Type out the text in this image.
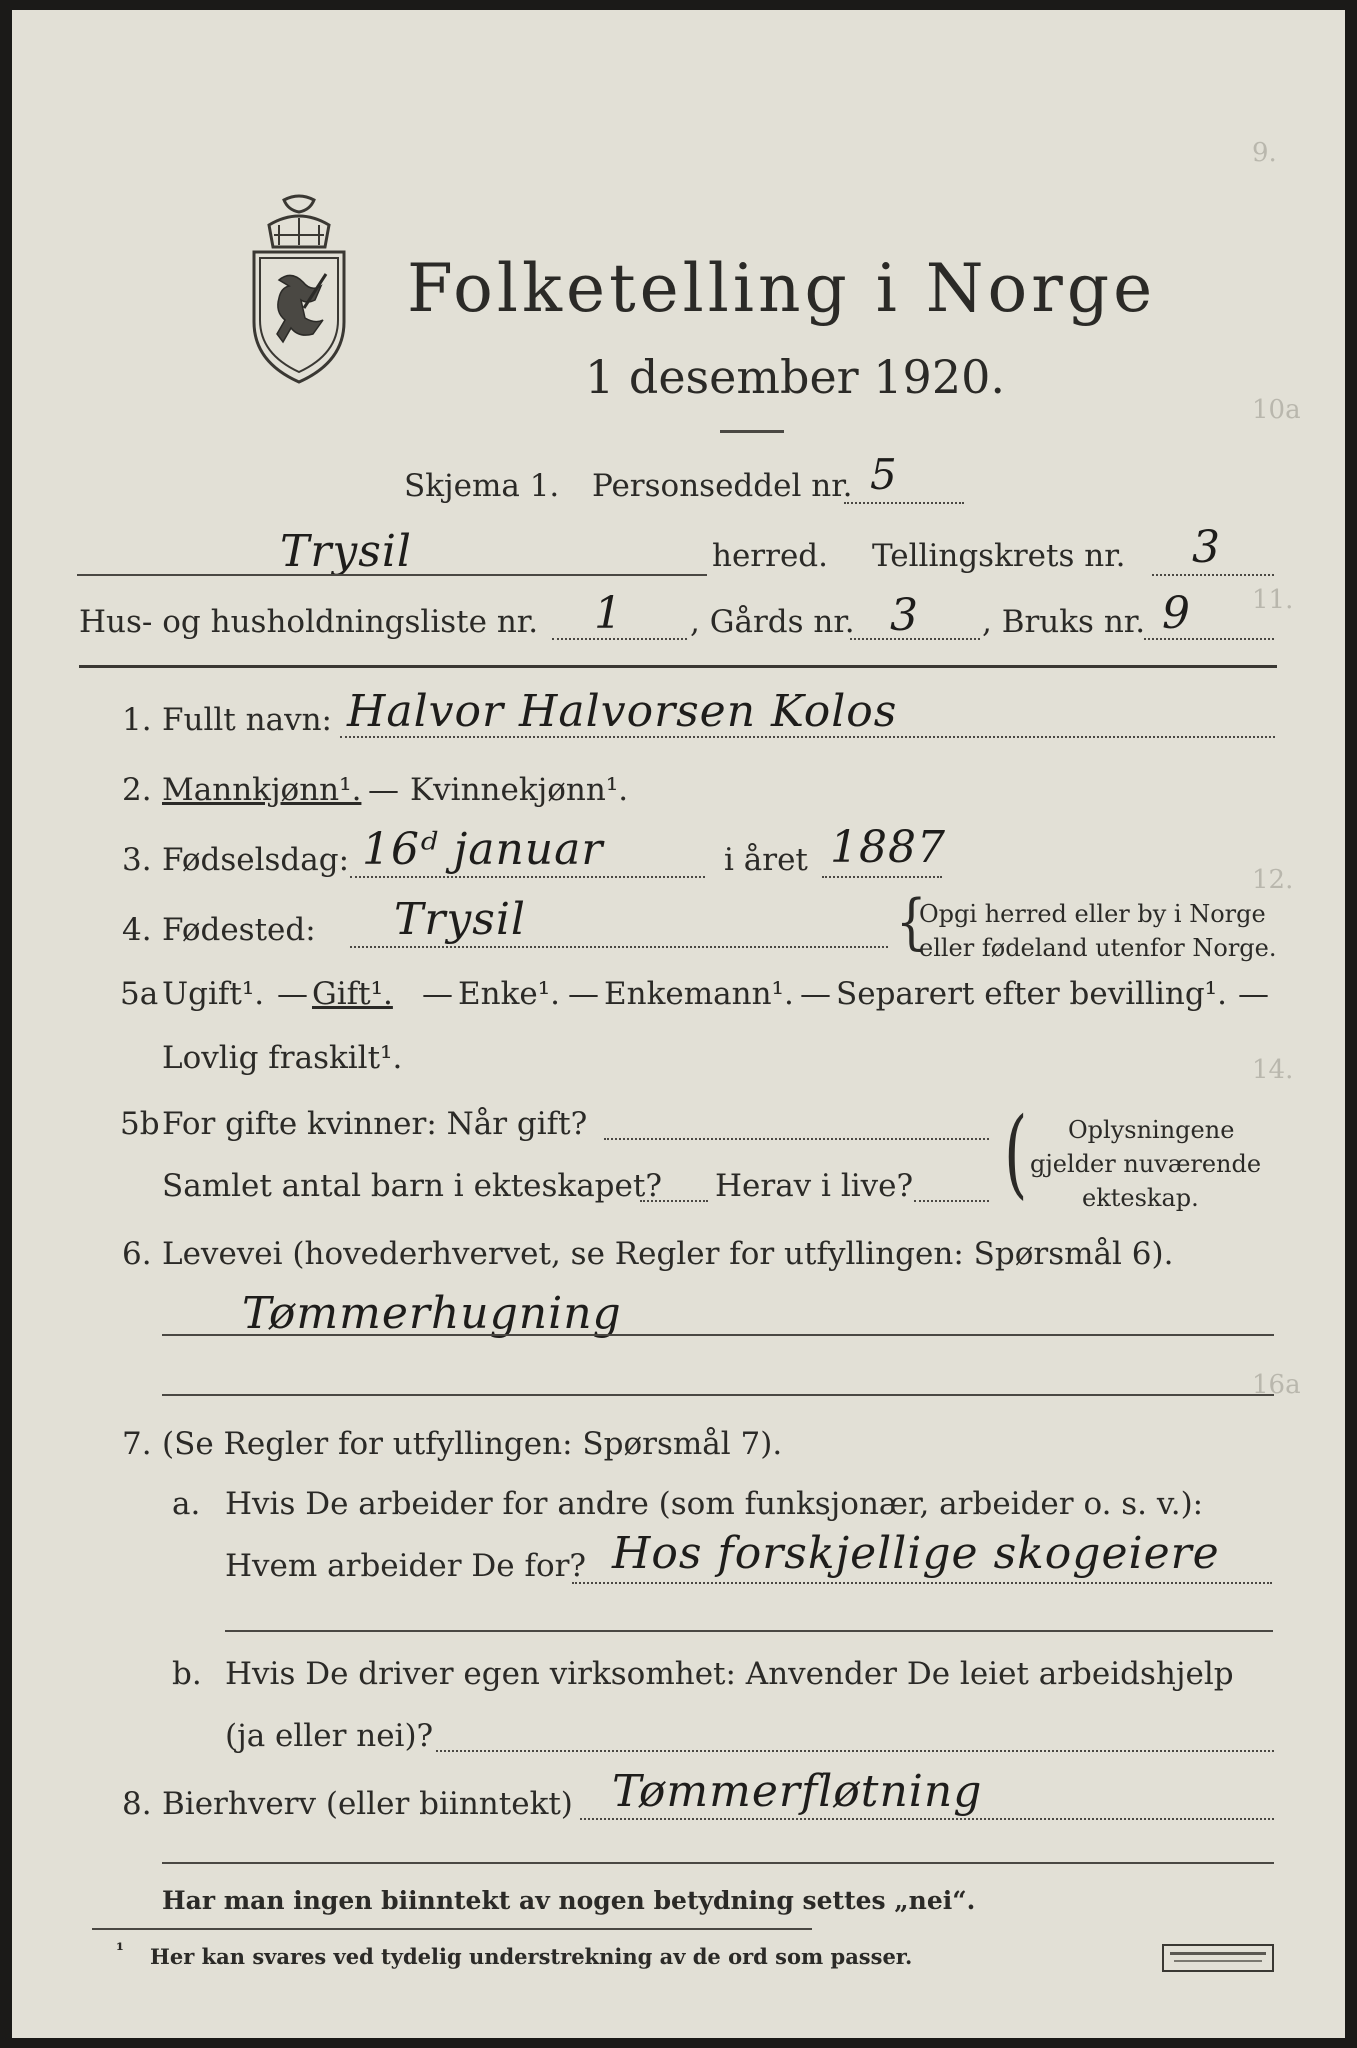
9.
10a
11.
12.
14.
16a
Folketelling i Norge
1 desember 1920.
Skjema 1. Personseddel nr. 5
Trysil	herred. Tellingskrets nr. 3
Hus- og husholdningsliste nr. 1 , Gårds nr. 3 , Bruks nr. 9
1. Fullt navn: Halvor Halvorsen Kolos
2. Mannkjønn¹. — Kvinnekjønn¹.
3. Fødselsdag: 16ᵈ januar	i året 1887
4. Fødested: Trysil	{
Opgi herred eller by i Norge
eller fødeland utenfor Norge.
5a Ugift¹. — Gift¹. — Enke¹. — Enkemann¹. — Separert efter bevilling¹. —
Lovlig fraskilt¹.
5b For gifte kvinner: Når gift?
Samlet antal barn i ekteskapet? Herav i live? ( Oplysningene
gjelder nuværende
ekteskap.
6. Levevei (hovederhvervet, se Regler for utfyllingen: Spørsmål 6).
Tømmerhugning
7. (Se Regler for utfyllingen: Spørsmål 7).
a. Hvis De arbeider for andre (som funksjonær, arbeider o. s. v.):
Hvem arbeider De for? Hos forskjellige skogeiere
b. Hvis De driver egen virksomhet: Anvender De leiet arbeidshjelp
(ja eller nei)?
8. Bierhverv (eller biinntekt) Tømmerfløtning
Har man ingen biinntekt av nogen betydning settes „nei“.
¹ Her kan svares ved tydelig understrekning av de ord som passer.
